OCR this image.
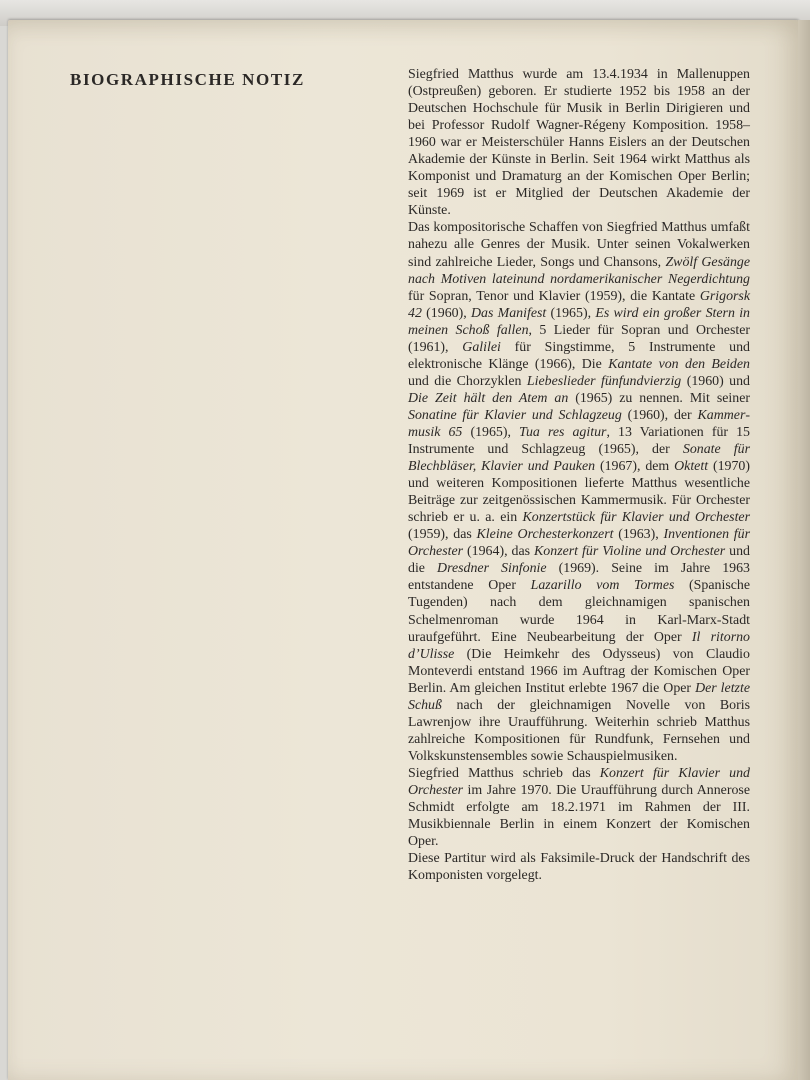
BIOGRAPHISCHE NOTIZ	Siegfried Matthus wurde am 13.4.1934 in Mallenuppen (Ostpreußen) geboren. Er studierte 1952 bis 1958 an der Deutschen Hochschule für Musik in Berlin Dirigieren und bei Professor Rudolf Wagner-Régeny Komposition. 1958–1960 war er Meisterschüler Hanns Eislers an der Deutschen Akademie der Künste in Berlin. Seit 1964 wirkt Matthus als Komponist und Dramaturg an der Komischen Oper Berlin; seit 1969 ist er Mitglied der Deutschen Akademie der Künste.

Das kompositorische Schaffen von Siegfried Matthus umfaßt nahezu alle Genres der Musik. Unter seinen Vokalwerken sind zahlreiche Lieder, Songs und Chansons, Zwölf Gesänge nach Motiven lateinund nordamerikanischer Negerdichtung für Sopran, Tenor und Klavier (1959), die Kantate Grigorsk 42 (1960), Das Manifest (1965), Es wird ein großer Stern in meinen Schoß fallen, 5 Lieder für Sopran und Orchester (1961), Galilei für Singstimme, 5 Instrumente und elektronische Klänge (1966), Die Kantate von den Beiden und die Chorzyklen Liebeslieder fünfundvierzig (1960) und Die Zeit hält den Atem an (1965) zu nennen. Mit seiner Sonatine für Klavier und Schlagzeug (1960), der Kammermusik 65 (1965), Tua res agitur, 13 Variationen für 15 Instrumente und Schlagzeug (1965), der Sonate für Blechbläser, Klavier und Pauken (1967), dem Oktett (1970) und weiteren Kompositionen lieferte Matthus wesentliche Beiträge zur zeitgenössischen Kammermusik. Für Orchester schrieb er u. a. ein Konzertstück für Klavier und Orchester (1959), das Kleine Orchesterkonzert (1963), Inventionen für Orchester (1964), das Konzert für Violine und Orchester und die Dresdner Sinfonie (1969). Seine im Jahre 1963 entstandene Oper Lazarillo vom Tormes (Spanische Tugenden) nach dem gleichnamigen spanischen Schelmenroman wurde 1964 in Karl-Marx-Stadt uraufgeführt. Eine Neubearbeitung der Oper Il ritorno d’Ulisse (Die Heimkehr des Odysseus) von Claudio Monteverdi entstand 1966 im Auftrag der Komischen Oper Berlin. Am gleichen Institut erlebte 1967 die Oper Der letzte Schuß nach der gleichnamigen Novelle von Boris Lawrenjow ihre Uraufführung. Weiterhin schrieb Matthus zahlreiche Kompositionen für Rundfunk, Fernsehen und Volkskunstensembles sowie Schauspielmusiken.

Siegfried Matthus schrieb das Konzert für Klavier und Orchester im Jahre 1970. Die Uraufführung durch Annerose Schmidt erfolgte am 18.2.1971 im Rahmen der III. Musikbiennale Berlin in einem Konzert der Komischen Oper.

Diese Partitur wird als Faksimile-Druck der Handschrift des Komponisten vorgelegt.
